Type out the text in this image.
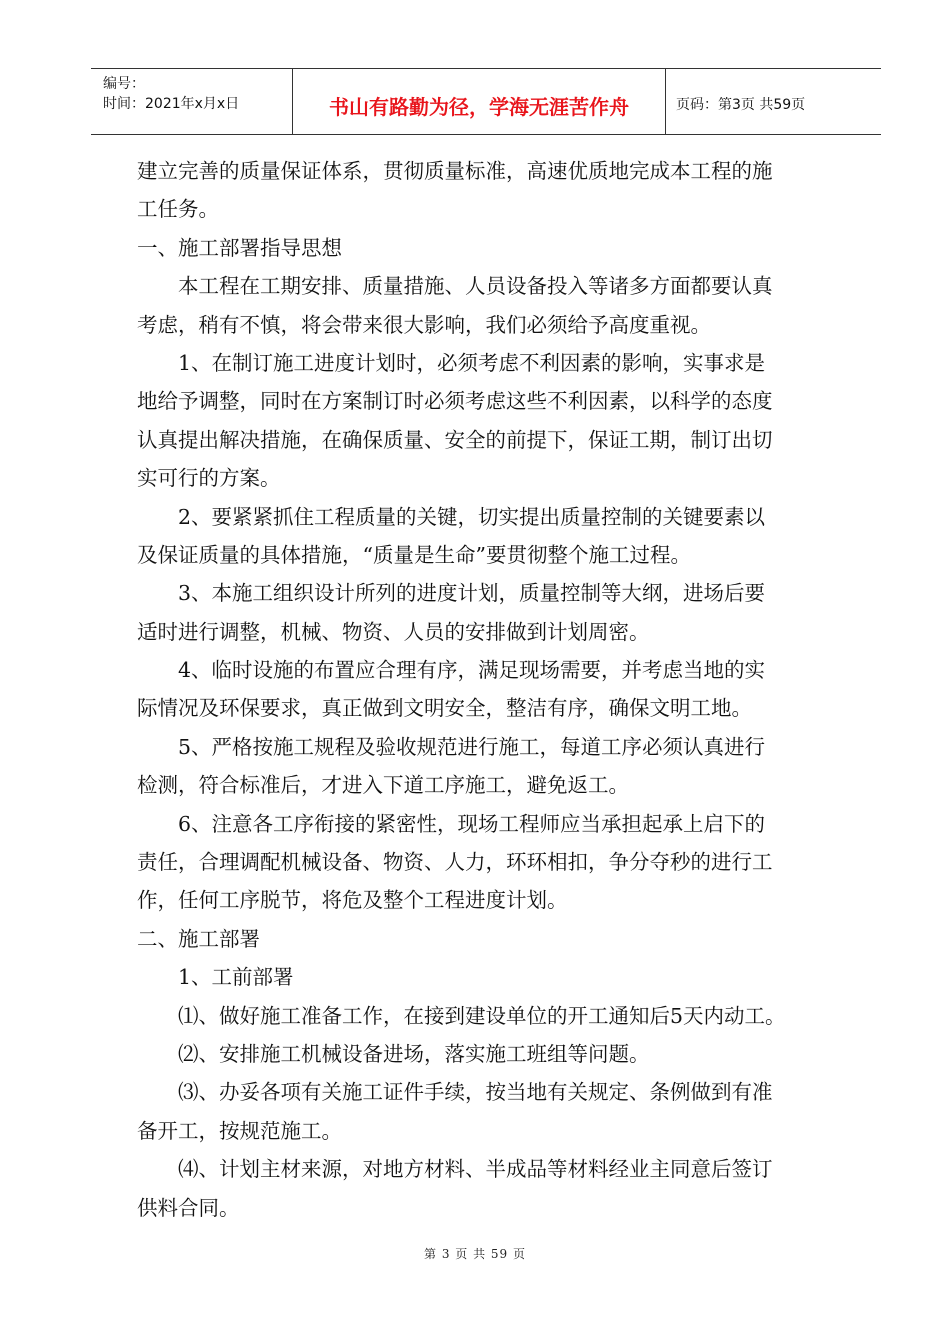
编号：
时间：2021年x月x日	书山有路勤为径，学海无涯苦作舟	页码：第3页 共59页
建立完善的质量保证体系，贯彻质量标准，高速优质地完成本工程的施
工任务。
一、施工部署指导思想
本工程在工期安排、质量措施、人员设备投入等诸多方面都要认真
考虑，稍有不慎，将会带来很大影响，我们必须给予高度重视。
1、在制订施工进度计划时，必须考虑不利因素的影响，实事求是
地给予调整，同时在方案制订时必须考虑这些不利因素，以科学的态度
认真提出解决措施，在确保质量、安全的前提下，保证工期，制订出切
实可行的方案。
2、要紧紧抓住工程质量的关键，切实提出质量控制的关键要素以
及保证质量的具体措施，“质量是生命”要贯彻整个施工过程。
3、本施工组织设计所列的进度计划，质量控制等大纲，进场后要
适时进行调整，机械、物资、人员的安排做到计划周密。
4、临时设施的布置应合理有序，满足现场需要，并考虑当地的实
际情况及环保要求，真正做到文明安全，整洁有序，确保文明工地。
5、严格按施工规程及验收规范进行施工，每道工序必须认真进行
检测，符合标准后，才进入下道工序施工，避免返工。
6、注意各工序衔接的紧密性，现场工程师应当承担起承上启下的
责任，合理调配机械设备、物资、人力，环环相扣，争分夺秒的进行工
作，任何工序脱节，将危及整个工程进度计划。
二、施工部署
1、工前部署
⑴、做好施工准备工作，在接到建设单位的开工通知后5天内动工。
⑵、安排施工机械设备进场，落实施工班组等问题。
⑶、办妥各项有关施工证件手续，按当地有关规定、条例做到有准
备开工，按规范施工。
⑷、计划主材来源，对地方材料、半成品等材料经业主同意后签订
供料合同。
第 3 页 共 59 页
